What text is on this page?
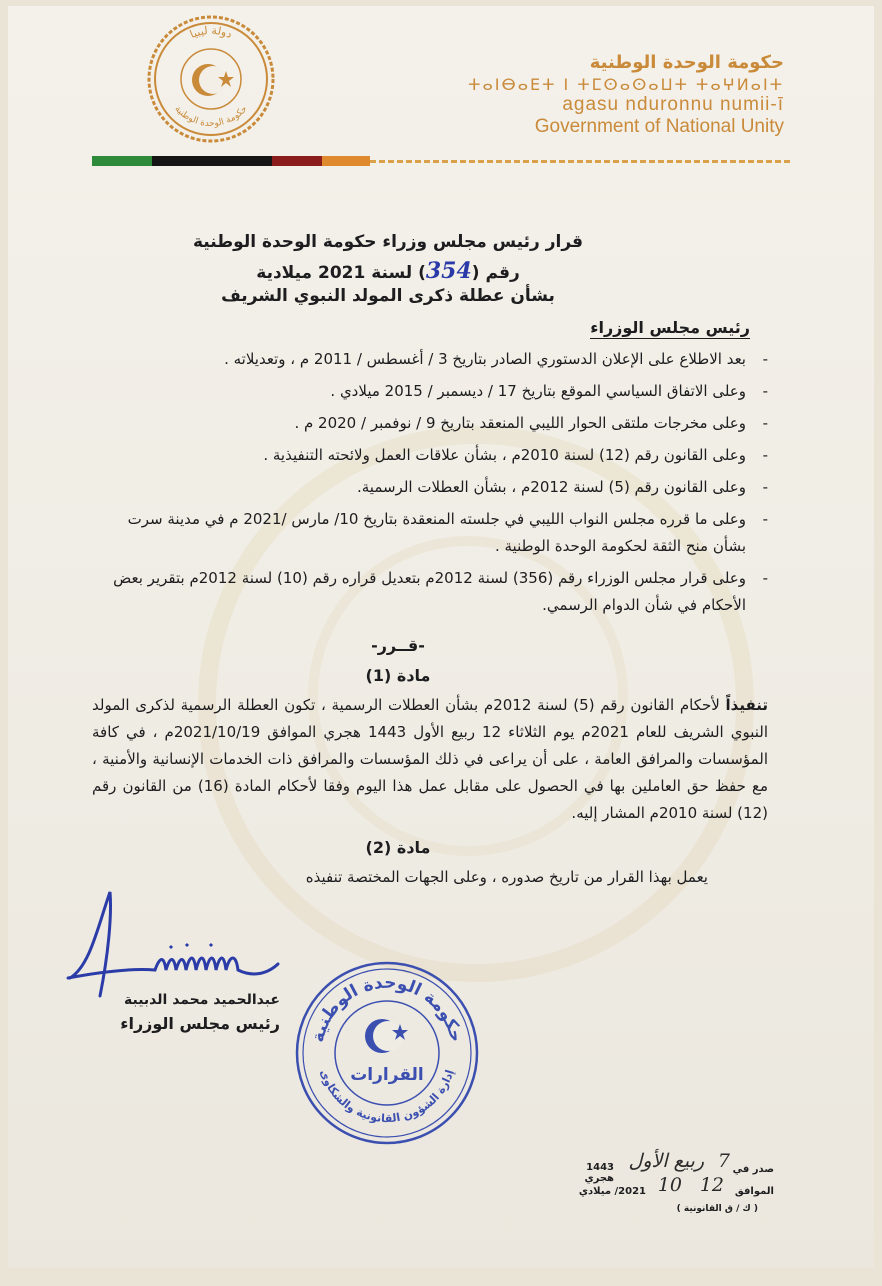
دولة ليبيا
حكومة الوحدة الوطنية
حكومة الوحدة الوطنية
ⵜⴰⵏⴱⴰⴹⵜ ⵏ ⵜⵎⵙⴰⵙⴰⵡⵜ ⵜⴰⵖⵍⴰⵏⵜ
agasu nduronnu numii-ī
Government of National Unity
قرار رئيس مجلس وزراء حكومة الوحدة الوطنية
رقم (354) لسنة 2021 ميلادية
بشأن عطلة ذكرى المولد النبوي الشريف
رئيس مجلس الوزراء
- بعد الاطلاع على الإعلان الدستوري الصادر بتاريخ 3 / أغسطس / 2011 م ، وتعديلاته .
- وعلى الاتفاق السياسي الموقع بتاريخ 17 / ديسمبر / 2015 ميلادي .
- وعلى مخرجات ملتقى الحوار الليبي المنعقد بتاريخ 9 / نوفمبر / 2020 م .
- وعلى القانون رقم (12) لسنة 2010م ، بشأن علاقات العمل ولائحته التنفيذية .
- وعلى القانون رقم (5) لسنة 2012م ، بشأن العطلات الرسمية.
- وعلى ما قرره مجلس النواب الليبي في جلسته المنعقدة بتاريخ 10/ مارس /2021 م في مدينة سرت بشأن منح الثقة لحكومة الوحدة الوطنية .
- وعلى قرار مجلس الوزراء رقم (356) لسنة 2012م بتعديل قراره رقم (10) لسنة 2012م بتقرير بعض الأحكام في شأن الدوام الرسمي.
-قــرر-
مادة (1)
تنفيذاً لأحكام القانون رقم (5) لسنة 2012م بشأن العطلات الرسمية ، تكون العطلة الرسمية لذكرى المولد النبوي الشريف للعام 2021م يوم الثلاثاء 12 ربيع الأول 1443 هجري الموافق 2021/10/19م ، في كافة المؤسسات والمرافق العامة ، على أن يراعى في ذلك المؤسسات والمرافق ذات الخدمات الإنسانية والأمنية ، مع حفظ حق العاملين بها في الحصول على مقابل عمل هذا اليوم وفقا لأحكام المادة (16) من القانون رقم (12) لسنة 2010م المشار إليه.
مادة (2)
يعمل بهذا القرار من تاريخ صدوره ، وعلى الجهات المختصة تنفيذه
عبدالحميد محمد الدبيبة
رئيس مجلس الوزراء
حكومة الوحدة الوطنية
إدارة الشؤون القانونية والشكاوى
القرارات
صدر في
7
ربيع الأول
1443 هجري
الموافق
12
10
2021/ ميلادي
( ك / ق القانونية )
